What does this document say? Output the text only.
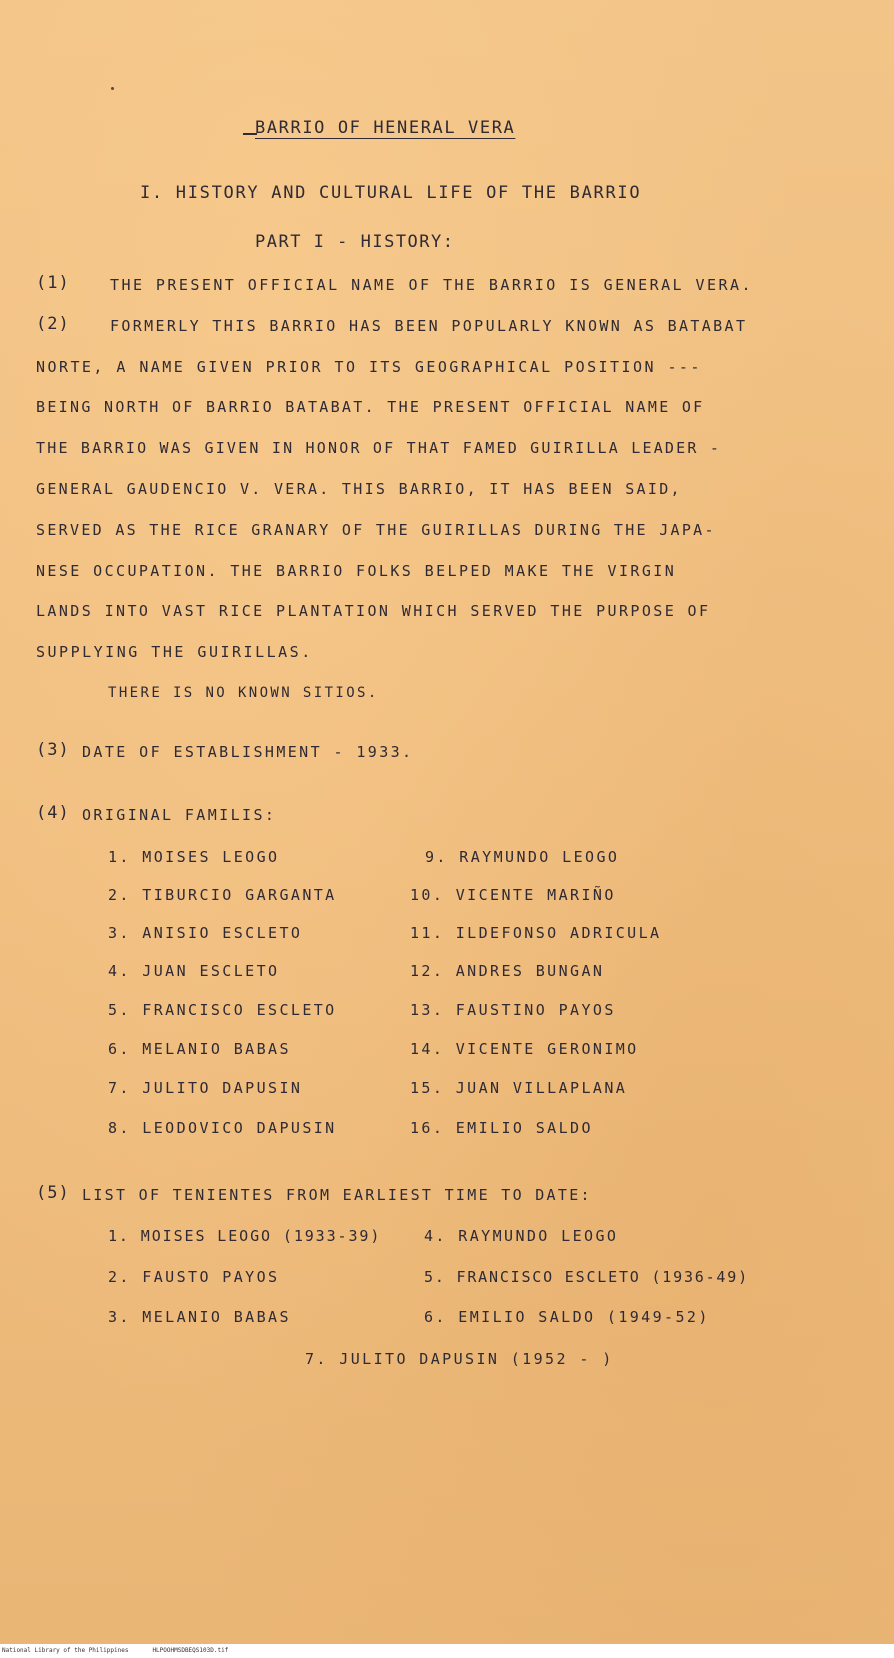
BARRIO OF HENERAL VERA
I. HISTORY AND CULTURAL LIFE OF THE BARRIO
PART I - HISTORY:
(1)	THE PRESENT OFFICIAL NAME OF THE BARRIO IS GENERAL VERA.
(2)	FORMERLY THIS BARRIO HAS BEEN POPULARLY KNOWN AS BATABAT
NORTE, A NAME GIVEN PRIOR TO ITS GEOGRAPHICAL POSITION ---
BEING NORTH OF BARRIO BATABAT. THE PRESENT OFFICIAL NAME OF
THE BARRIO WAS GIVEN IN HONOR OF THAT FAMED GUIRILLA LEADER -
GENERAL GAUDENCIO V. VERA. THIS BARRIO, IT HAS BEEN SAID,
SERVED AS THE RICE GRANARY OF THE GUIRILLAS DURING THE JAPA-
NESE OCCUPATION. THE BARRIO FOLKS BELPED MAKE THE VIRGIN
LANDS INTO VAST RICE PLANTATION WHICH SERVED THE PURPOSE OF
SUPPLYING THE GUIRILLAS.
THERE IS NO KNOWN SITIOS.
(3) DATE OF ESTABLISHMENT - 1933.
(4) ORIGINAL FAMILIS:
1. MOISES LEOGO
2. TIBURCIO GARGANTA
3. ANISIO ESCLETO
4. JUAN ESCLETO
5. FRANCISCO ESCLETO
6. MELANIO BABAS
7. JULITO DAPUSIN
8. LEODOVICO DAPUSIN
9. RAYMUNDO LEOGO
10. VICENTE MARIÑO
11. ILDEFONSO ADRICULA
12. ANDRES BUNGAN
13. FAUSTINO PAYOS
14. VICENTE GERONIMO
15. JUAN VILLAPLANA
16. EMILIO SALDO
(5) LIST OF TENIENTES FROM EARLIEST TIME TO DATE:
1. MOISES LEOGO (1933-39)
2. FAUSTO PAYOS
3. MELANIO BABAS
4. RAYMUNDO LEOGO
5. FRANCISCO ESCLETO (1936-49)
6. EMILIO SALDO (1949-52)
7. JULITO DAPUSIN (1952 - )
National Library of the Philippines	HLPOOHMSDBEQS103D.tif
